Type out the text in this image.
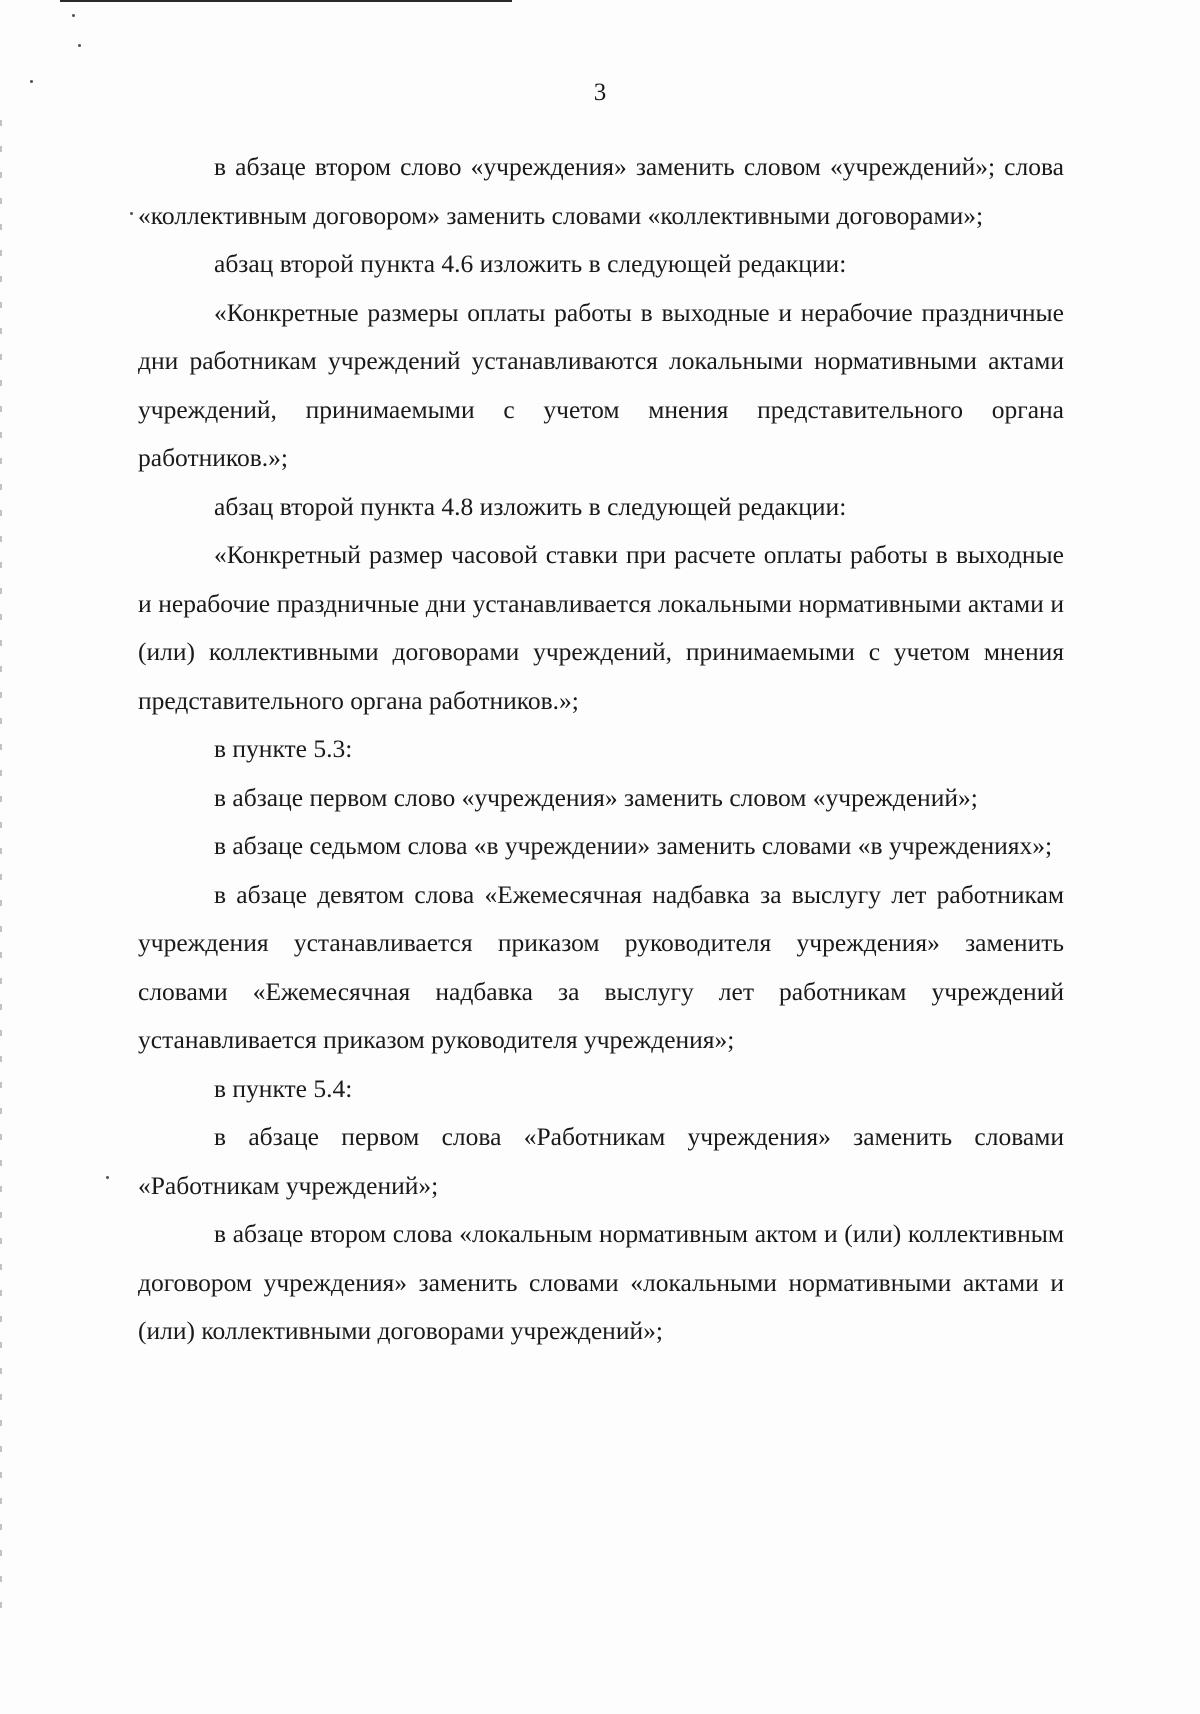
3

в абзаце втором слово «учреждения» заменить словом «учреждений»; слова «коллективным договором» заменить словами «коллективными договорами»;

абзац второй пункта 4.6 изложить в следующей редакции:

«Конкретные размеры оплаты работы в выходные и нерабочие праздничные дни работникам учреждений устанавливаются локальными нормативными актами учреждений, принимаемыми с учетом мнения представительного органа работников.»;

абзац второй пункта 4.8 изложить в следующей редакции:

«Конкретный размер часовой ставки при расчете оплаты работы в выходные и нерабочие праздничные дни устанавливается локальными нормативными актами и (или) коллективными договорами учреждений, принимаемыми с учетом мнения представительного органа работников.»;

в пункте 5.3:

в абзаце первом слово «учреждения» заменить словом «учреждений»;

в абзаце седьмом слова «в учреждении» заменить словами «в учреждениях»;

в абзаце девятом слова «Ежемесячная надбавка за выслугу лет работникам учреждения устанавливается приказом руководителя учреждения» заменить словами «Ежемесячная надбавка за выслугу лет работникам учреждений устанавливается приказом руководителя учреждения»;

в пункте 5.4:

в абзаце первом слова «Работникам учреждения» заменить словами «Работникам учреждений»;

в абзаце втором слова «локальным нормативным актом и (или) коллективным договором учреждения» заменить словами «локальными нормативными актами и (или) коллективными договорами учреждений»;
